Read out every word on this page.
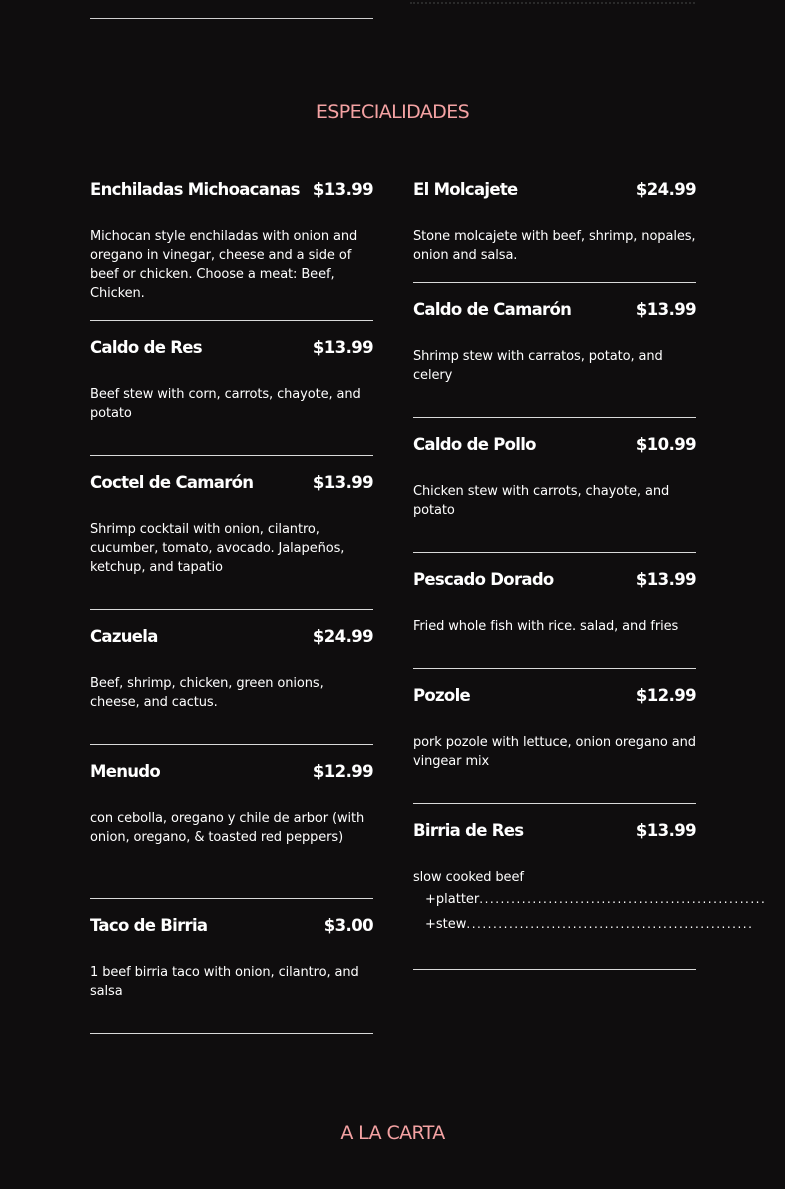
ESPECIALIDADES
Enchiladas Michoacanas $13.99
Michocan style enchiladas with onion and oregano in vinegar, cheese and a side of beef or chicken. Choose a meat: Beef, Chicken.
Caldo de Res	$13.99
Beef stew with corn, carrots, chayote, and potato
Coctel de Camarón	$13.99
Shrimp cocktail with onion, cilantro, cucumber, tomato, avocado. Jalapeños, ketchup, and tapatio
Cazuela	$24.99
Beef, shrimp, chicken, green onions, cheese, and cactus.
Menudo	$12.99
con cebolla, oregano y chile de arbor (with onion, oregano, & toasted red peppers)
Taco de Birria	$3.00
1 beef birria taco with onion, cilantro, and salsa
El Molcajete	$24.99
Stone molcajete with beef, shrimp, nopales, onion and salsa.
Caldo de Camarón	$13.99
Shrimp stew with carratos, potato, and celery
Caldo de Pollo	$10.99
Chicken stew with carrots, chayote, and potato
Pescado Dorado	$13.99
Fried whole fish with rice. salad, and fries
Pozole	$12.99
pork pozole with lettuce, onion oregano and vingear mix
Birria de Res	$13.99
slow cooked beef
+ platter ......................................................
+ stew ......................................................
A LA CARTA
